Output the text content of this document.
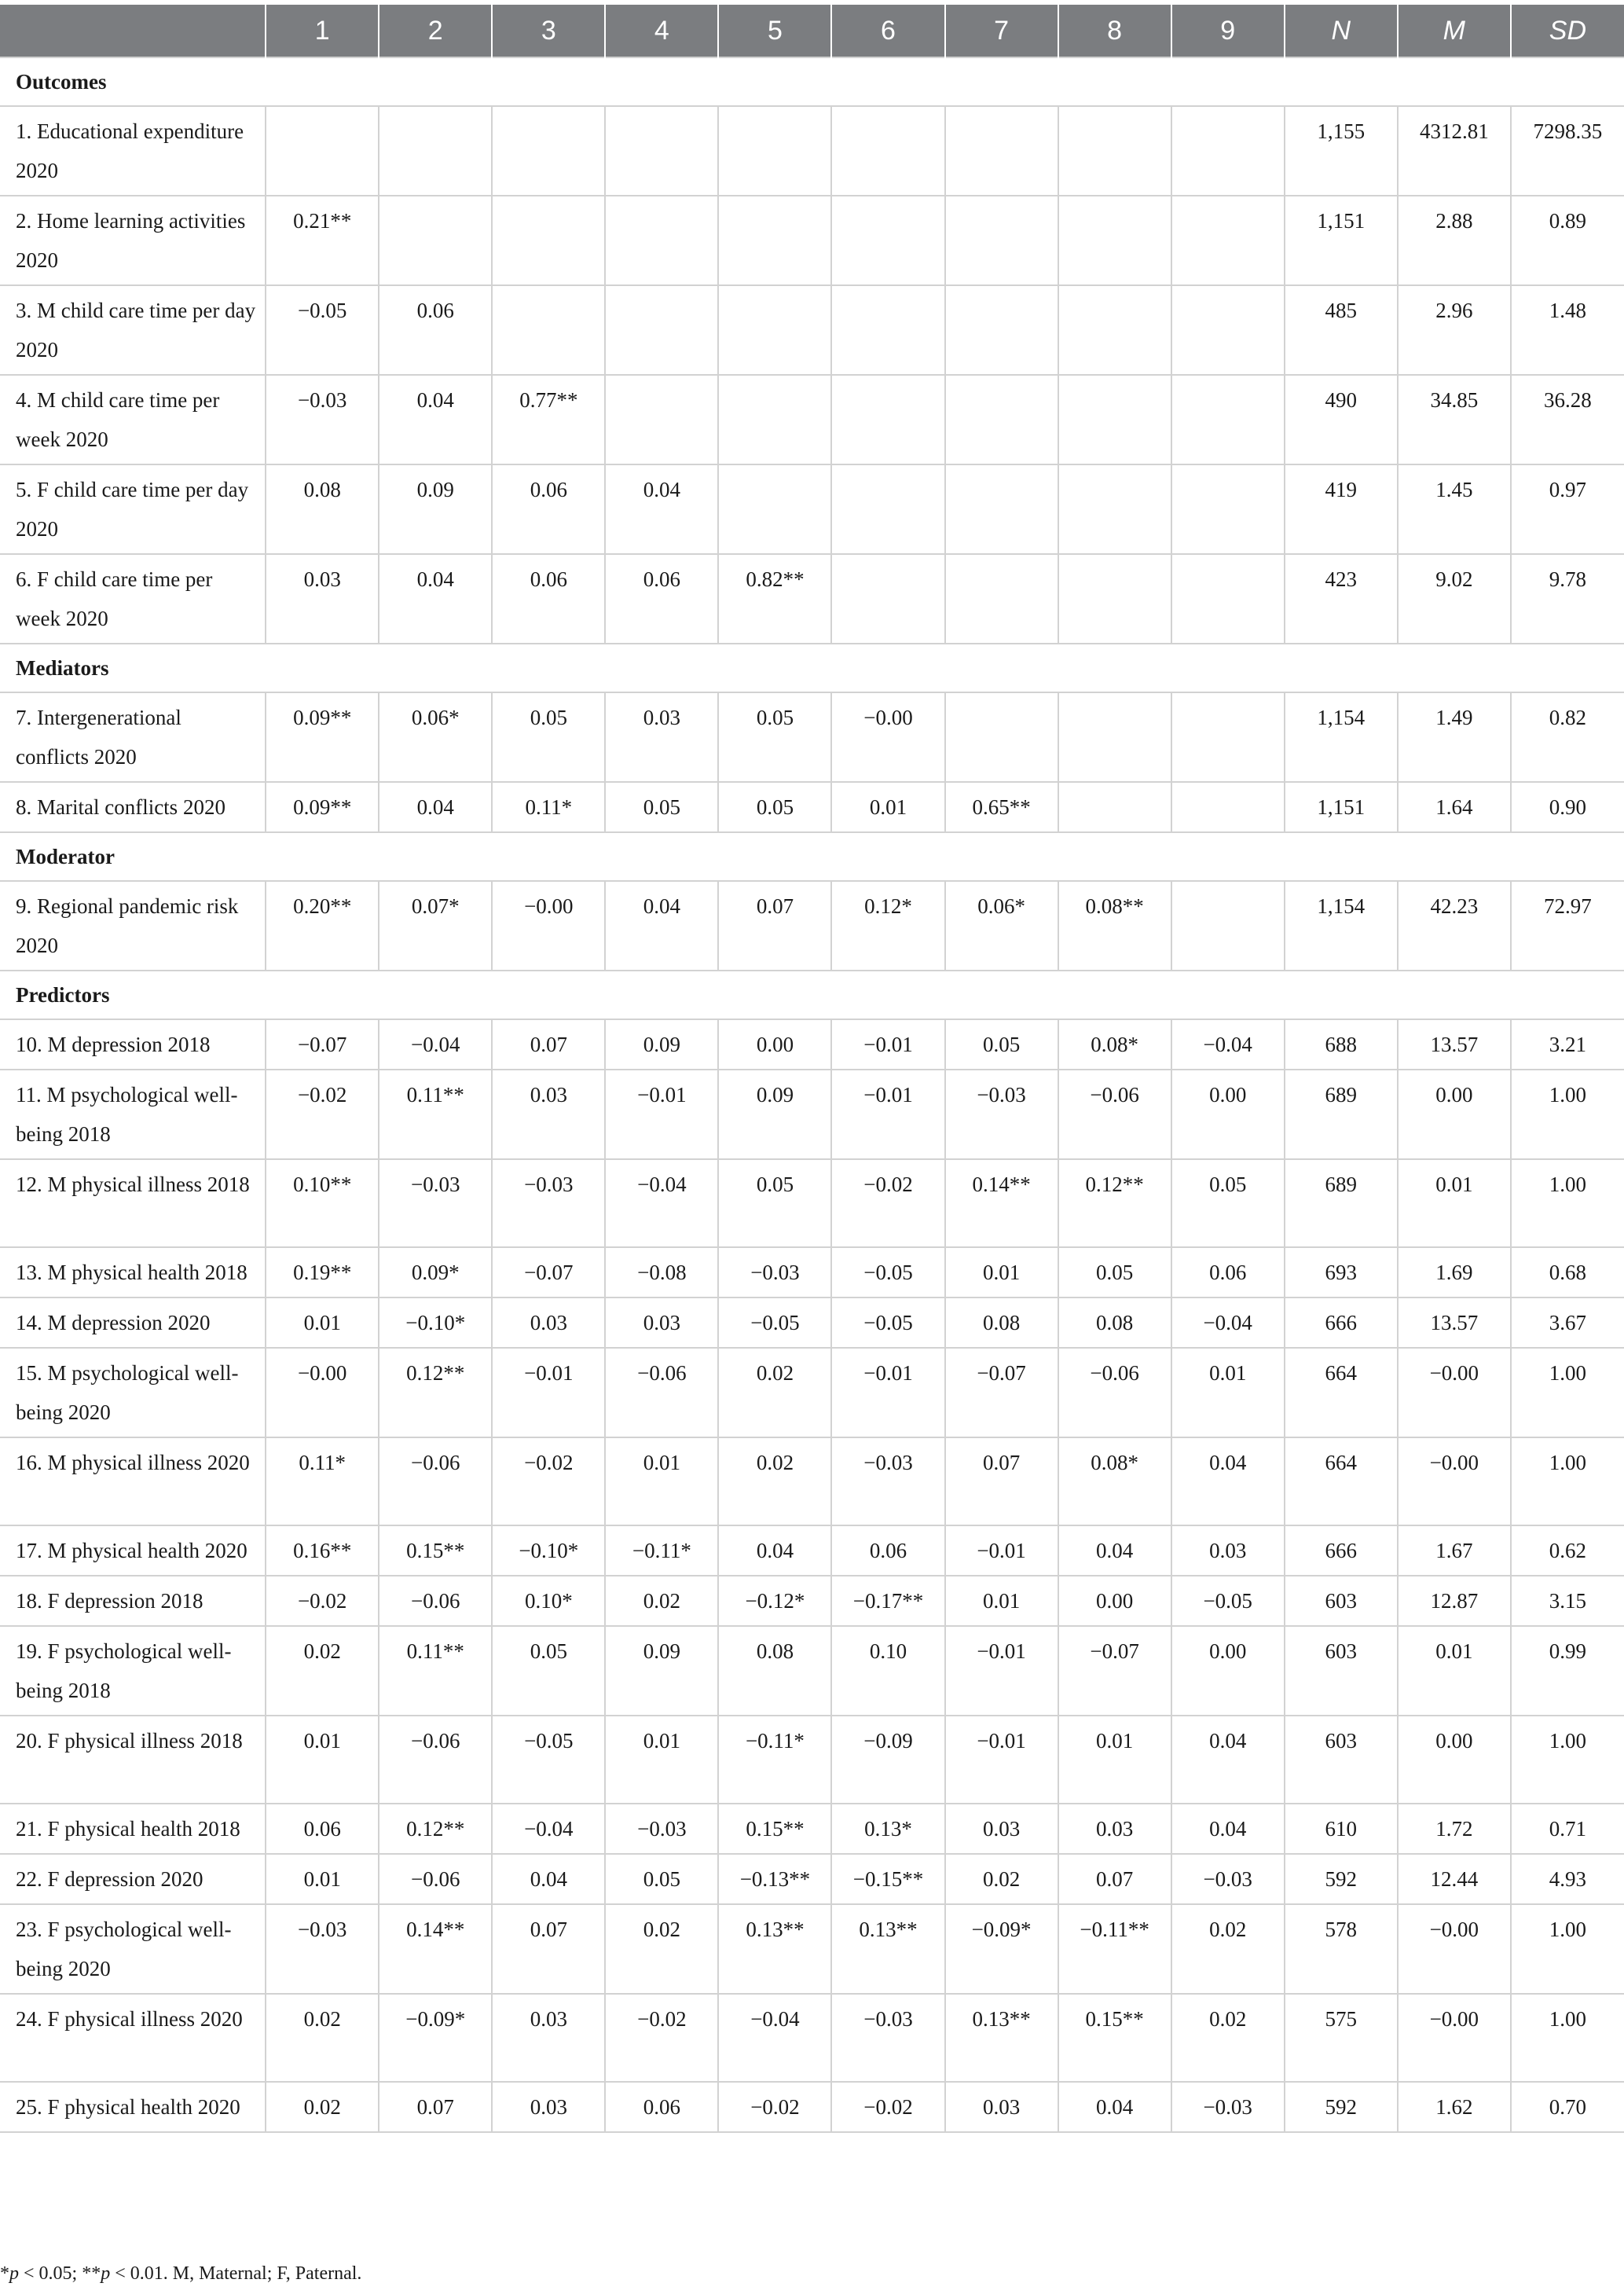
	1	2	3	4	5	6	7	8	9	N	M	SD
Outcomes												
1. Educational expenditure 2020										1,155	4312.81	7298.35
2. Home learning activities 2020	0.21**									1,151	2.88	0.89
3. M child care time per day 2020	−0.05	0.06								485	2.96	1.48
4. M child care time per week 2020	−0.03	0.04	0.77**							490	34.85	36.28
5. F child care time per day 2020	0.08	0.09	0.06	0.04						419	1.45	0.97
6. F child care time per week 2020	0.03	0.04	0.06	0.06	0.82**					423	9.02	9.78
Mediators												
7. Intergenerational conflicts 2020	0.09**	0.06*	0.05	0.03	0.05	−0.00				1,154	1.49	0.82
8. Marital conflicts 2020	0.09**	0.04	0.11*	0.05	0.05	0.01	0.65**			1,151	1.64	0.90
Moderator												
9. Regional pandemic risk 2020	0.20**	0.07*	−0.00	0.04	0.07	0.12*	0.06*	0.08**		1,154	42.23	72.97
Predictors												
10. M depression 2018	−0.07	−0.04	0.07	0.09	0.00	−0.01	0.05	0.08*	−0.04	688	13.57	3.21
11. M psychological well-being 2018	−0.02	0.11**	0.03	−0.01	0.09	−0.01	−0.03	−0.06	0.00	689	0.00	1.00
12. M physical illness 2018	0.10**	−0.03	−0.03	−0.04	0.05	−0.02	0.14**	0.12**	0.05	689	0.01	1.00
13. M physical health 2018	0.19**	0.09*	−0.07	−0.08	−0.03	−0.05	0.01	0.05	0.06	693	1.69	0.68
14. M depression 2020	0.01	−0.10*	0.03	0.03	−0.05	−0.05	0.08	0.08	−0.04	666	13.57	3.67
15. M psychological well-being 2020	−0.00	0.12**	−0.01	−0.06	0.02	−0.01	−0.07	−0.06	0.01	664	−0.00	1.00
16. M physical illness 2020	0.11*	−0.06	−0.02	0.01	0.02	−0.03	0.07	0.08*	0.04	664	−0.00	1.00
17. M physical health 2020	0.16**	0.15**	−0.10*	−0.11*	0.04	0.06	−0.01	0.04	0.03	666	1.67	0.62
18. F depression 2018	−0.02	−0.06	0.10*	0.02	−0.12*	−0.17**	0.01	0.00	−0.05	603	12.87	3.15
19. F psychological well-being 2018	0.02	0.11**	0.05	0.09	0.08	0.10	−0.01	−0.07	0.00	603	0.01	0.99
20. F physical illness 2018	0.01	−0.06	−0.05	0.01	−0.11*	−0.09	−0.01	0.01	0.04	603	0.00	1.00
21. F physical health 2018	0.06	0.12**	−0.04	−0.03	0.15**	0.13*	0.03	0.03	0.04	610	1.72	0.71
22. F depression 2020	0.01	−0.06	0.04	0.05	−0.13**	−0.15**	0.02	0.07	−0.03	592	12.44	4.93
23. F psychological well-being 2020	−0.03	0.14**	0.07	0.02	0.13**	0.13**	−0.09*	−0.11**	0.02	578	−0.00	1.00
24. F physical illness 2020	0.02	−0.09*	0.03	−0.02	−0.04	−0.03	0.13**	0.15**	0.02	575	−0.00	1.00
25. F physical health 2020	0.02	0.07	0.03	0.06	−0.02	−0.02	0.03	0.04	−0.03	592	1.62	0.70
*p < 0.05; **p < 0.01. M, Maternal; F, Paternal.
